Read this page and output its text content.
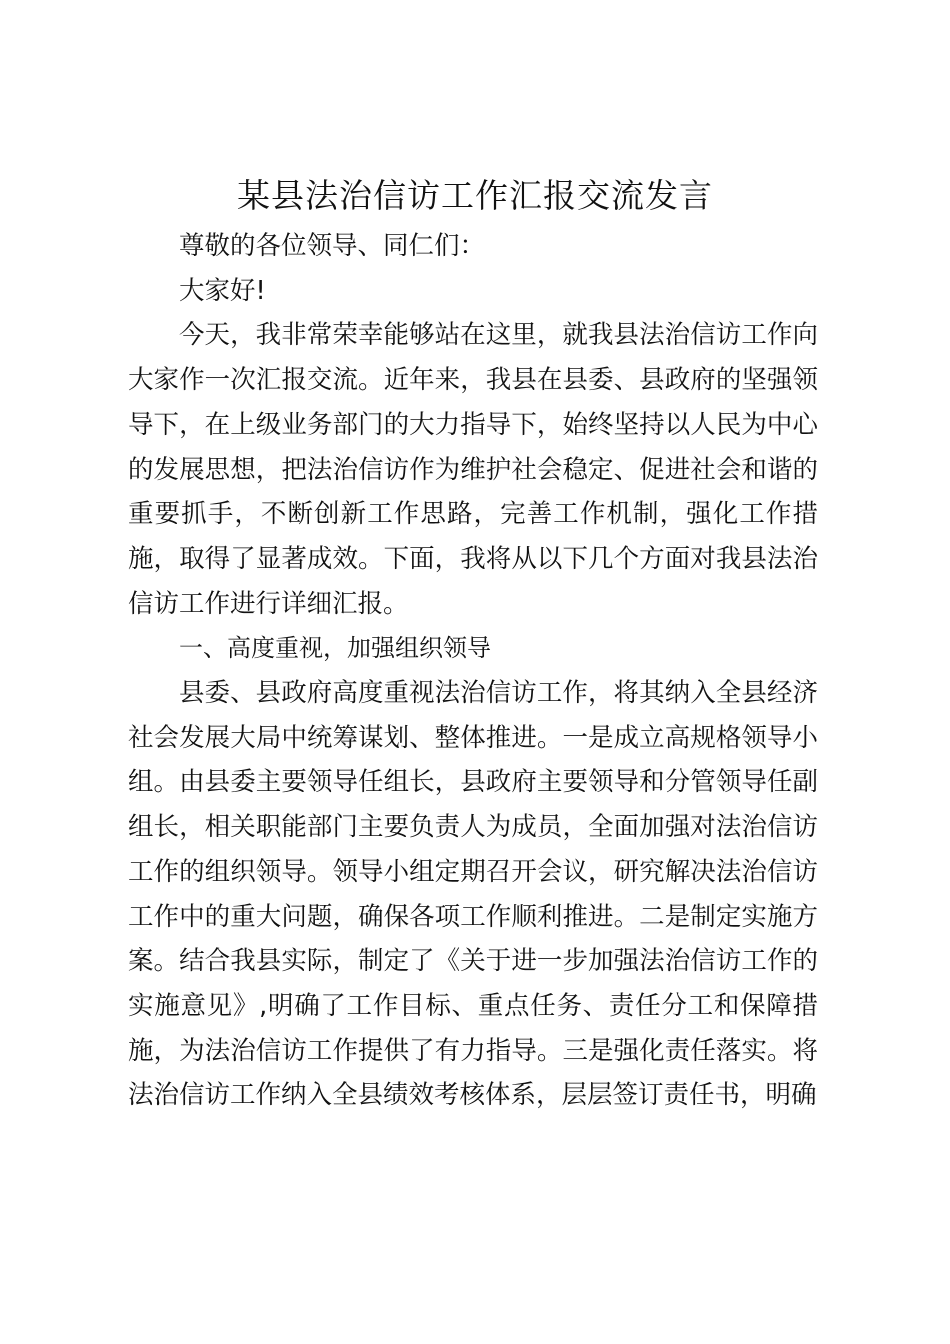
某县法治信访工作汇报交流发言

尊敬的各位领导、同仁们：

大家好!

今天，我非常荣幸能够站在这里，就我县法治信访工作向大家作一次汇报交流。近年来，我县在县委、县政府的坚强领导下，在上级业务部门的大力指导下，始终坚持以人民为中心的发展思想，把法治信访作为维护社会稳定、促进社会和谐的重要抓手，不断创新工作思路，完善工作机制，强化工作措施，取得了显著成效。下面，我将从以下几个方面对我县法治信访工作进行详细汇报。

一、高度重视，加强组织领导

县委、县政府高度重视法治信访工作，将其纳入全县经济社会发展大局中统筹谋划、整体推进。一是成立高规格领导小组。由县委主要领导任组长，县政府主要领导和分管领导任副组长，相关职能部门主要负责人为成员，全面加强对法治信访工作的组织领导。领导小组定期召开会议，研究解决法治信访工作中的重大问题，确保各项工作顺利推进。二是制定实施方案。结合我县实际，制定了《关于进一步加强法治信访工作的实施意见》,明确了工作目标、重点任务、责任分工和保障措施，为法治信访工作提供了有力指导。三是强化责任落实。将法治信访工作纳入全县绩效考核体系，层层签订责任书，明确
